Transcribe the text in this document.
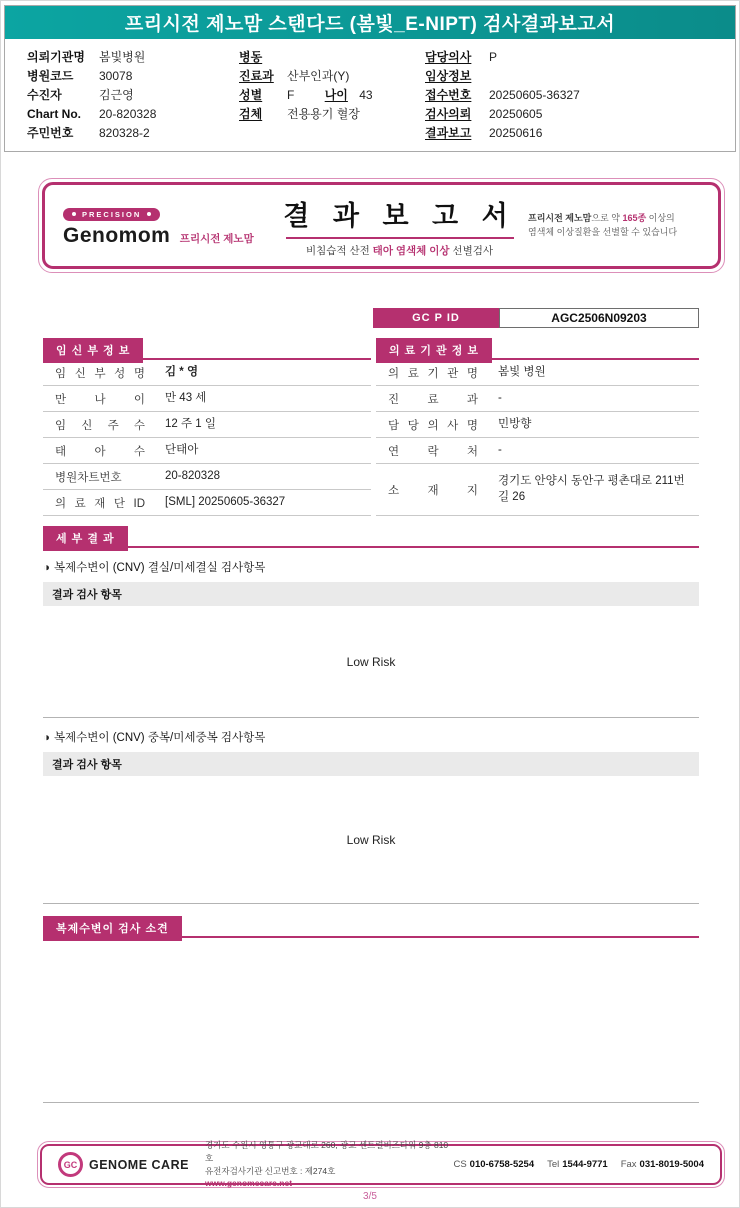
프리시전 제노맘 스탠다드 (봄빛_E-NIPT) 검사결과보고서
의뢰기관명 봄빛병원
병원코드 30078
수진자	김근영
Chart No. 20-820328
주민번호 820328-2
병동
진료과 산부인과(Y)
성별 F	나이 43
검체 전용용기 혈장
담당의사 P
임상정보
접수번호 20250605-36327
검사의뢰 20250605
결과보고 20250616
PRECISION
Genomom 프리시전 제노맘
결 과 보 고 서
비침습적 산전 태아 염색체 이상 선별검사
프리시전 제노맘으로 약 165종 이상의
염색체 이상질환을 선별할 수 있습니다
GC P ID	AGC2506N09203
임 신 부 정 보
임 신 부 성 명	김 * 영
만 나 이	만 43 세
임 신 주 수	12 주 1 일
태 아 수	단태아
병원차트번호	20-820328
의 료 재 단 ID	[SML] 20250605-36327
의 료 기 관 정 보
의 료 기 관 명	봄빛 병원
진 료 과	-
담 당 의 사 명	민방향
연 락 처	-
소 재 지
경기도 안양시 동안구 평촌대로 211번길 26
세 부 결 과
◑ 복제수변이 (CNV) 결실/미세결실 검사항목
결과 검사 항목
Low Risk
◑ 복제수변이 (CNV) 중복/미세중복 검사항목
결과 검사 항목
Low Risk
복제수변이 검사 소견
GC GENOME CARE
경기도 수원시 영통구 광교대로 260, 광교 센트럴비즈타워 9층 810호
유전자검사기관 신고번호 : 제274호
www.genomecare.net
CS 010-6758-5254 Tel 1544-9771 Fax 031-8019-5004
3/5
